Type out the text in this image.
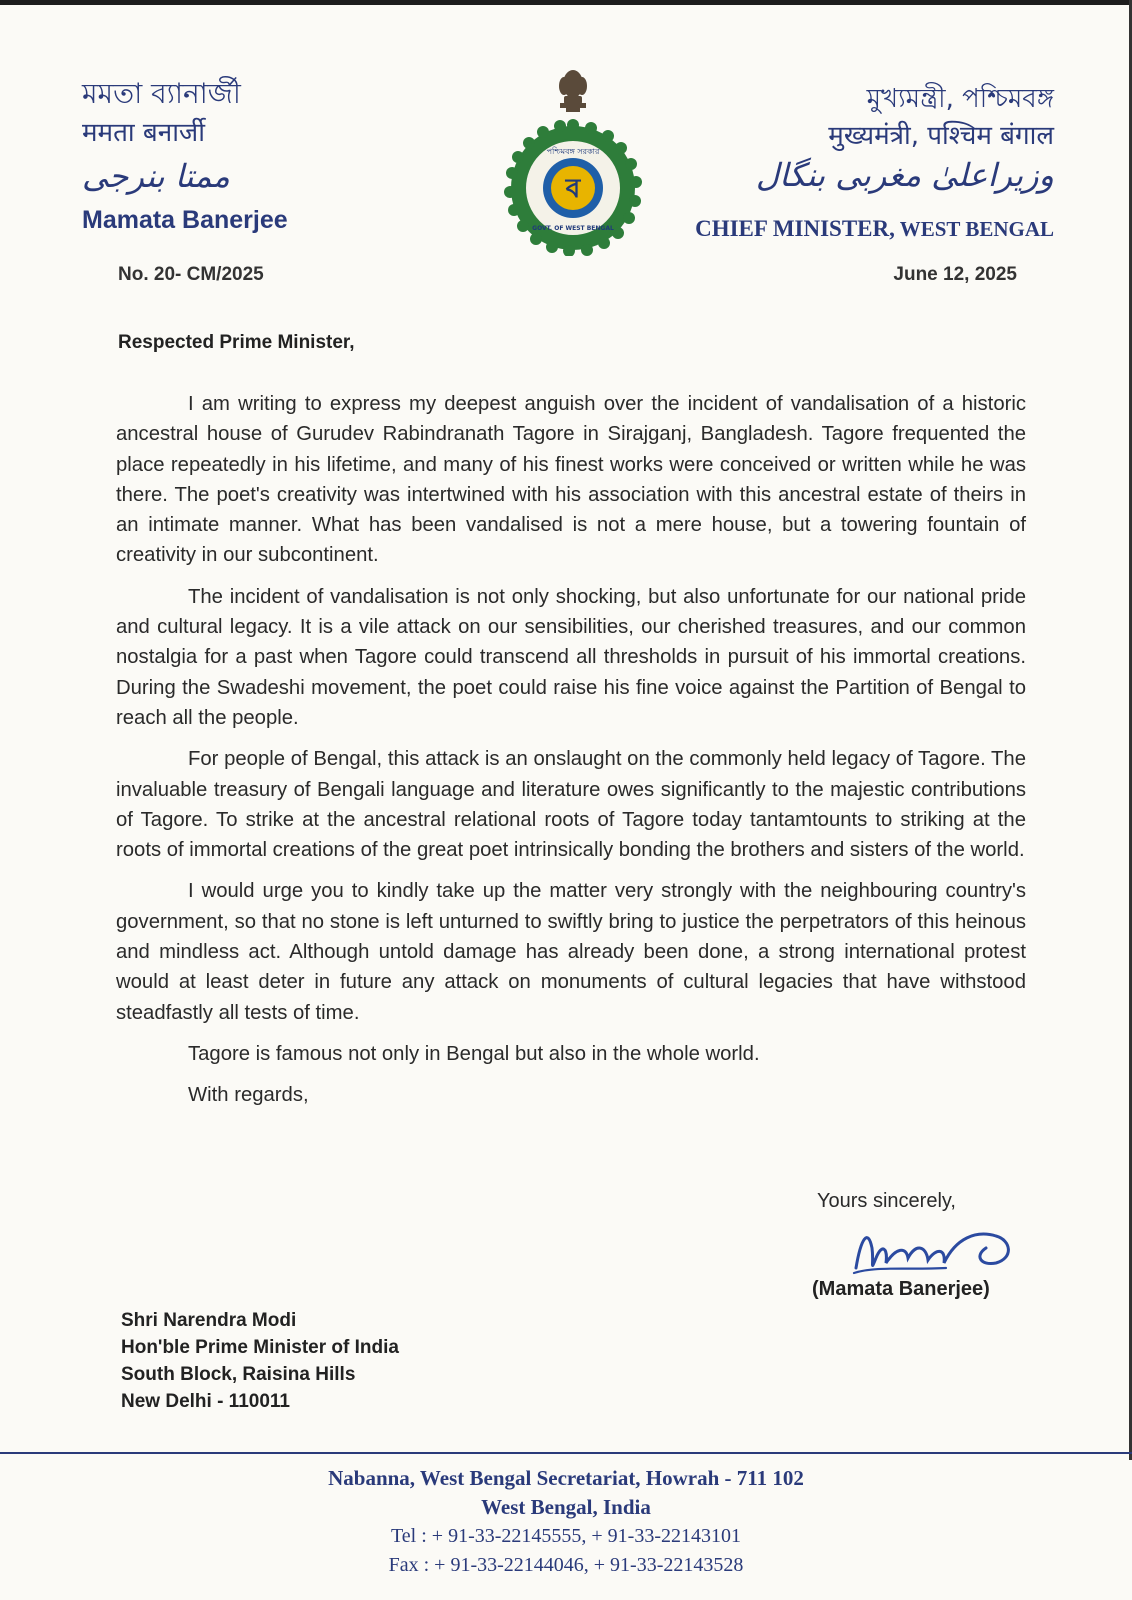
মমতা ব্যানার্জী
ममता बनार्जी
ممتا بنرجی
Mamata Banerjee
No. 20- CM/2025
ব
পশ্চিমবঙ্গ সরকার
GOVT. OF WEST BENGAL
মুখ্যমন্ত্রী, পশ্চিমবঙ্গ
मुख्यमंत्री, पश्चिम बंगाल
وزیراعلیٰ مغربی بنگال
CHIEF MINISTER, WEST BENGAL
June 12, 2025
Respected Prime Minister,

I am writing to express my deepest anguish over the incident of vandalisation of a historic ancestral house of Gurudev Rabindranath Tagore in Sirajganj, Bangladesh. Tagore frequented the place repeatedly in his lifetime, and many of his finest works were conceived or written while he was there. The poet's creativity was intertwined with his association with this ancestral estate of theirs in an intimate manner. What has been vandalised is not a mere house, but a towering fountain of creativity in our subcontinent.

The incident of vandalisation is not only shocking, but also unfortunate for our national pride and cultural legacy. It is a vile attack on our sensibilities, our cherished treasures, and our common nostalgia for a past when Tagore could transcend all thresholds in pursuit of his immortal creations. During the Swadeshi movement, the poet could raise his fine voice against the Partition of Bengal to reach all the people.

For people of Bengal, this attack is an onslaught on the commonly held legacy of Tagore. The invaluable treasury of Bengali language and literature owes significantly to the majestic contributions of Tagore. To strike at the ancestral relational roots of Tagore today tantamtounts to striking at the roots of immortal creations of the great poet intrinsically bonding the brothers and sisters of the world.

I would urge you to kindly take up the matter very strongly with the neighbouring country's government, so that no stone is left unturned to swiftly bring to justice the perpetrators of this heinous and mindless act. Although untold damage has already been done, a strong international protest would at least deter in future any attack on monuments of cultural legacies that have withstood steadfastly all tests of time.

Tagore is famous not only in Bengal but also in the whole world.

With regards,

Yours sincerely,
(Mamata Banerjee)
Shri Narendra Modi
Hon'ble Prime Minister of India
South Block, Raisina Hills
New Delhi - 110011
Nabanna, West Bengal Secretariat, Howrah - 711 102
West Bengal, India
Tel : + 91-33-22145555, + 91-33-22143101
Fax : + 91-33-22144046, + 91-33-22143528
